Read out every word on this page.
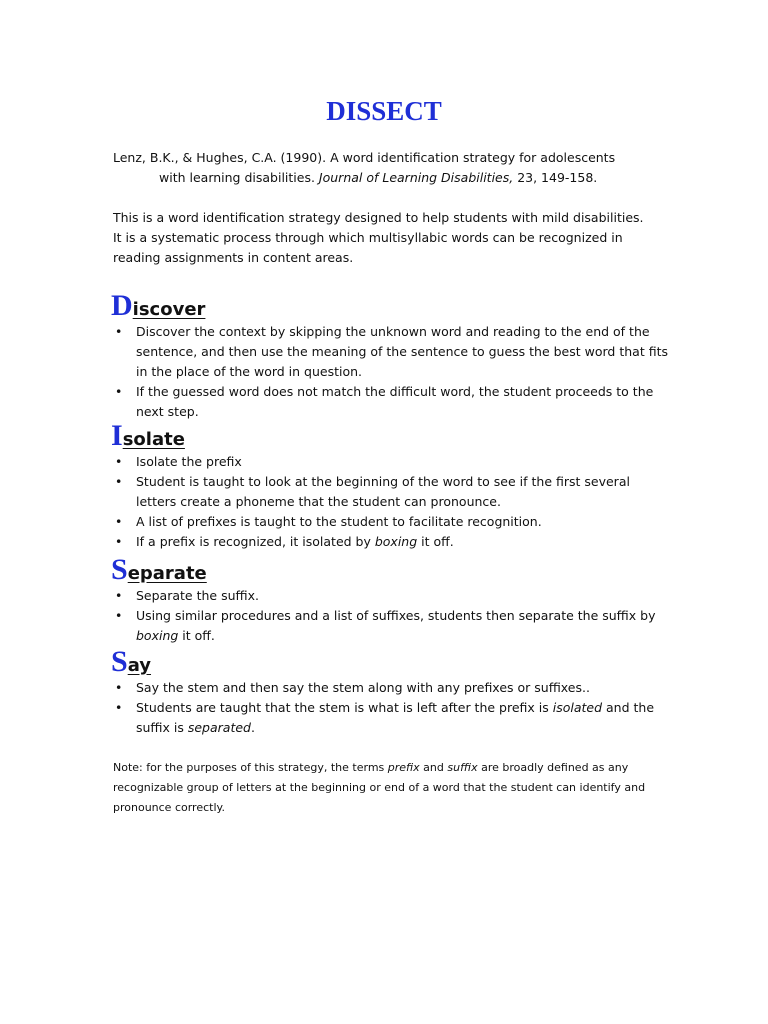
DISSECT

Lenz, B.K., & Hughes, C.A. (1990). A word identification strategy for adolescents
with learning disabilities. Journal of Learning Disabilities, 23, 149-158.

This is a word identification strategy designed to help students with mild disabilities. It is a systematic process through which multisyllabic words can be recognized in reading assignments in content areas.

Discover
• Discover the context by skipping the unknown word and reading to the end of the sentence, and then use the meaning of the sentence to guess the best word that fits in the place of the word in question.
• If the guessed word does not match the difficult word, the student proceeds to the next step.
Isolate
• Isolate the prefix
• Student is taught to look at the beginning of the word to see if the first several letters create a phoneme that the student can pronounce.
• A list of prefixes is taught to the student to facilitate recognition.
• If a prefix is recognized, it isolated by boxing it off.
Separate
• Separate the suffix.
• Using similar procedures and a list of suffixes, students then separate the suffix by boxing it off.
Say
• Say the stem and then say the stem along with any prefixes or suffixes..
• Students are taught that the stem is what is left after the prefix is isolated and the suffix is separated.

Note: for the purposes of this strategy, the terms prefix and suffix are broadly defined as any recognizable group of letters at the beginning or end of a word that the student can identify and pronounce correctly.
